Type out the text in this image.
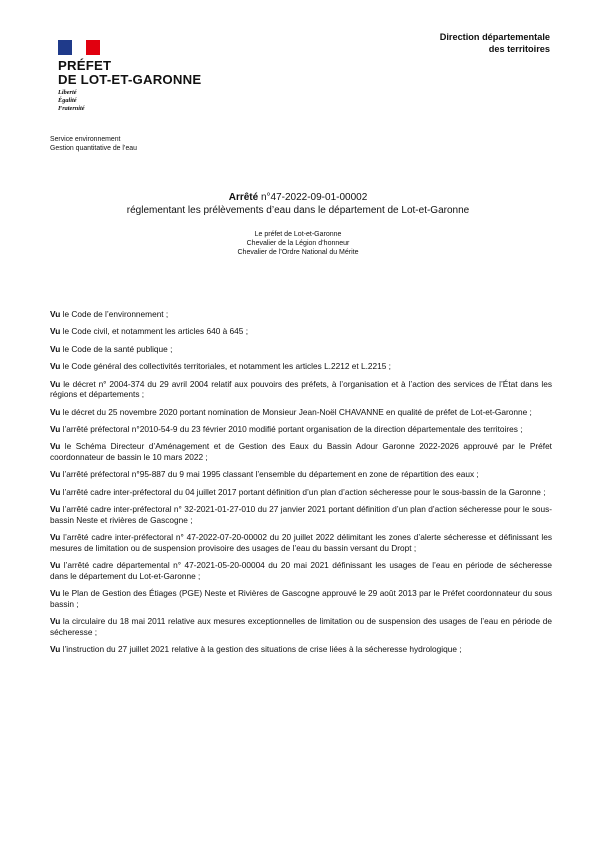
PRÉFET
DE LOT-ET-GARONNE
Liberté
Égalité
Fraternité
Direction départementale
des territoires
Service environnement
Gestion quantitative de l’eau
Arrêté n°47-2022-09-01-00002
réglementant les prélèvements d’eau dans le département de Lot-et-Garonne
Le préfet de Lot-et-Garonne
Chevalier de la Légion d’honneur
Chevalier de l’Ordre National du Mérite
Vu le Code de l’environnement ;
Vu le Code civil, et notamment les articles 640 à 645 ;
Vu le Code de la santé publique ;
Vu le Code général des collectivités territoriales, et notamment les articles L.2212 et L.2215 ;
Vu le décret n° 2004-374 du 29 avril 2004 relatif aux pouvoirs des préfets, à l’organisation et à l’action des services de l’État dans les régions et départements ;
Vu le décret du 25 novembre 2020 portant nomination de Monsieur Jean-Noël CHAVANNE en qualité de préfet de Lot-et-Garonne ;
Vu l’arrêté préfectoral n°2010-54-9 du 23 février 2010 modifié portant organisation de la direction départementale des territoires ;
Vu le Schéma Directeur d’Aménagement et de Gestion des Eaux du Bassin Adour Garonne 2022-2026 approuvé par le Préfet coordonnateur de bassin le 10 mars 2022 ;
Vu l’arrêté préfectoral n°95-887 du 9 mai 1995 classant l’ensemble du département en zone de répartition des eaux ;
Vu l’arrêté cadre inter-préfectoral du 04 juillet 2017 portant définition d’un plan d’action sécheresse pour le sous-bassin de la Garonne ;
Vu l’arrêté cadre inter-préfectoral n° 32-2021-01-27-010 du 27 janvier 2021 portant définition d’un plan d’action sécheresse pour le sous-bassin Neste et rivières de Gascogne ;
Vu l’arrêté cadre inter-préfectoral n° 47-2022-07-20-00002 du 20 juillet 2022 délimitant les zones d’alerte sécheresse et définissant les mesures de limitation ou de suspension provisoire des usages de l’eau du bassin versant du Dropt ;
Vu l’arrêté cadre départemental n° 47-2021-05-20-00004 du 20 mai 2021 définissant les usages de l’eau en période de sécheresse dans le département du Lot-et-Garonne ;
Vu le Plan de Gestion des Étiages (PGE) Neste et Rivières de Gascogne approuvé le 29 août 2013 par le Préfet coordonnateur du sous bassin ;
Vu la circulaire du 18 mai 2011 relative aux mesures exceptionnelles de limitation ou de suspension des usages de l’eau en période de sécheresse ;
Vu l’instruction du 27 juillet 2021 relative à la gestion des situations de crise liées à la sécheresse hydrologique ;
